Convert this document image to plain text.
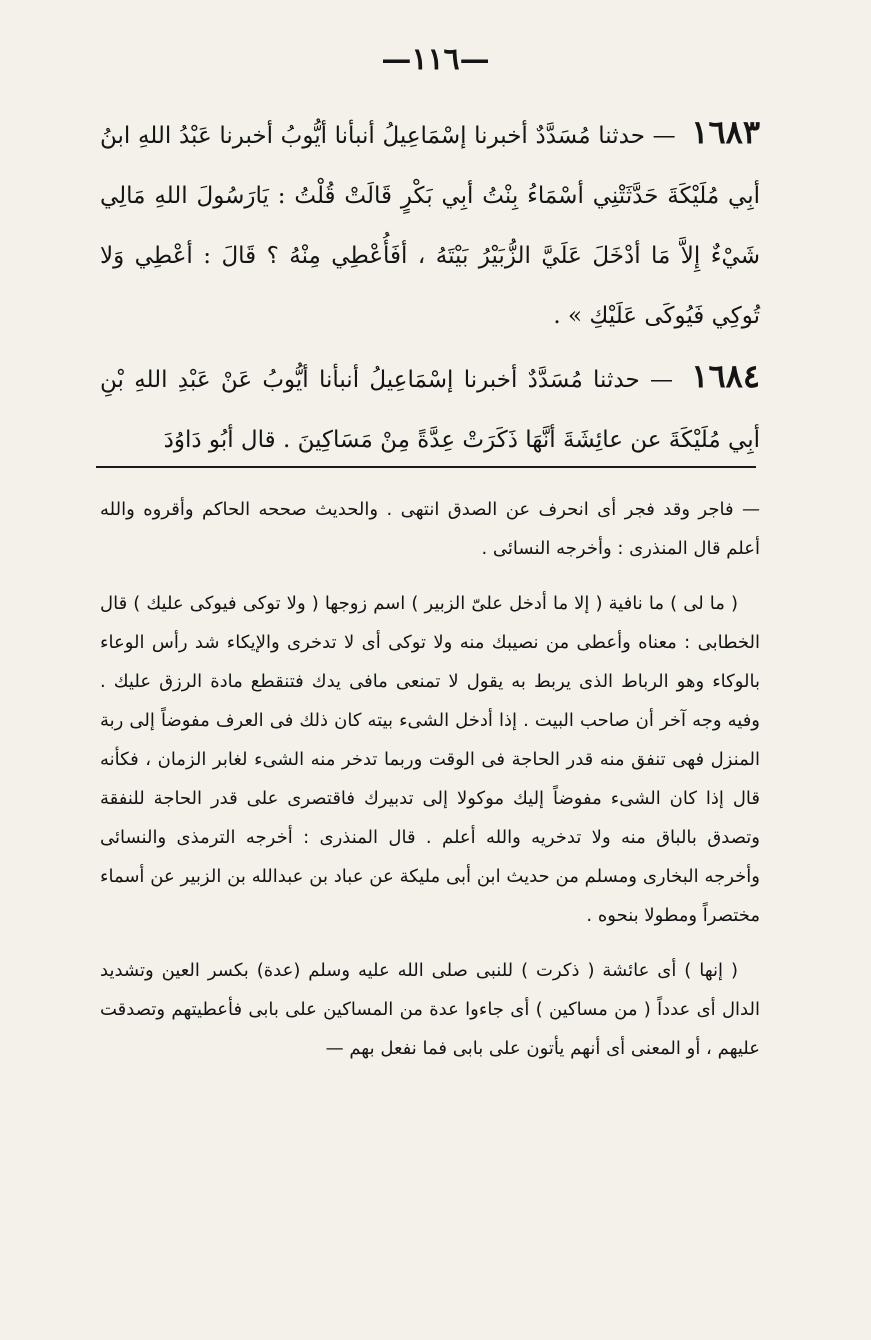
—١١٦—

١٦٨٣ — حدثنا مُسَدَّدٌ أخبرنا إسْمَاعِيلُ أنبأنا أيُّوبُ أخبرنا عَبْدُ اللهِ ابنُ أبِي مُلَيْكَةَ حَدَّثَتْنِي أسْمَاءُ بِنْتُ أبِي بَكْرٍ قَالَتْ قُلْتُ : يَارَسُولَ اللهِ مَالِي شَيْءٌ إِلاَّ مَا أدْخَلَ عَلَيَّ الزُّبَيْرُ بَيْتَهُ ، أفَأُعْطِي مِنْهُ ؟ قَالَ : أعْطِي وَلا تُوكِي فَيُوكَى عَلَيْكِ » .

١٦٨٤ — حدثنا مُسَدَّدٌ أخبرنا إسْمَاعِيلُ أنبأنا أيُّوبُ عَنْ عَبْدِ اللهِ بْنِ أبِي مُلَيْكَةَ عن عائِشَةَ أنَّهَا ذَكَرَتْ عِدَّةً مِنْ مَسَاكِينَ . قال أبُو دَاوُدَ

— فاجر وقد فجر أى انحرف عن الصدق انتهى . والحديث صححه الحاكم وأقروه والله أعلم قال المنذرى : وأخرجه النسائى .

( ما لى ) ما نافية ( إلا ما أدخل علىّ الزبير ) اسم زوجها ( ولا توكى فيوكى عليك ) قال الخطابى : معناه وأعطى من نصيبك منه ولا توكى أى لا تدخرى والإيكاء شد رأس الوعاء بالوكاء وهو الرباط الذى يربط به يقول لا تمنعى مافى يدك فتنقطع مادة الرزق عليك . وفيه وجه آخر أن صاحب البيت . إذا أدخل الشىء بيته كان ذلك فى العرف مفوضاً إلى ربة المنزل فهى تنفق منه قدر الحاجة فى الوقت وربما تدخر منه الشىء لغابر الزمان ، فكأنه قال إذا كان الشىء مفوضاً إليك موكولا إلى تدبيرك فاقتصرى على قدر الحاجة للنفقة وتصدق بالباق منه ولا تدخريه والله أعلم . قال المنذرى : أخرجه الترمذى والنسائى وأخرجه البخارى ومسلم من حديث ابن أبى مليكة عن عباد بن عبدالله بن الزبير عن أسماء مختصراً ومطولا بنحوه .

( إنها ) أى عائشة ( ذكرت ) للنبى صلى الله عليه وسلم (عدة) بكسر العين وتشديد الدال أى عدداً ( من مساكين ) أى جاءوا عدة من المساكين على بابى فأعطيتهم وتصدقت عليهم ، أو المعنى أى أنهم يأتون على بابى فما نفعل بهم —
